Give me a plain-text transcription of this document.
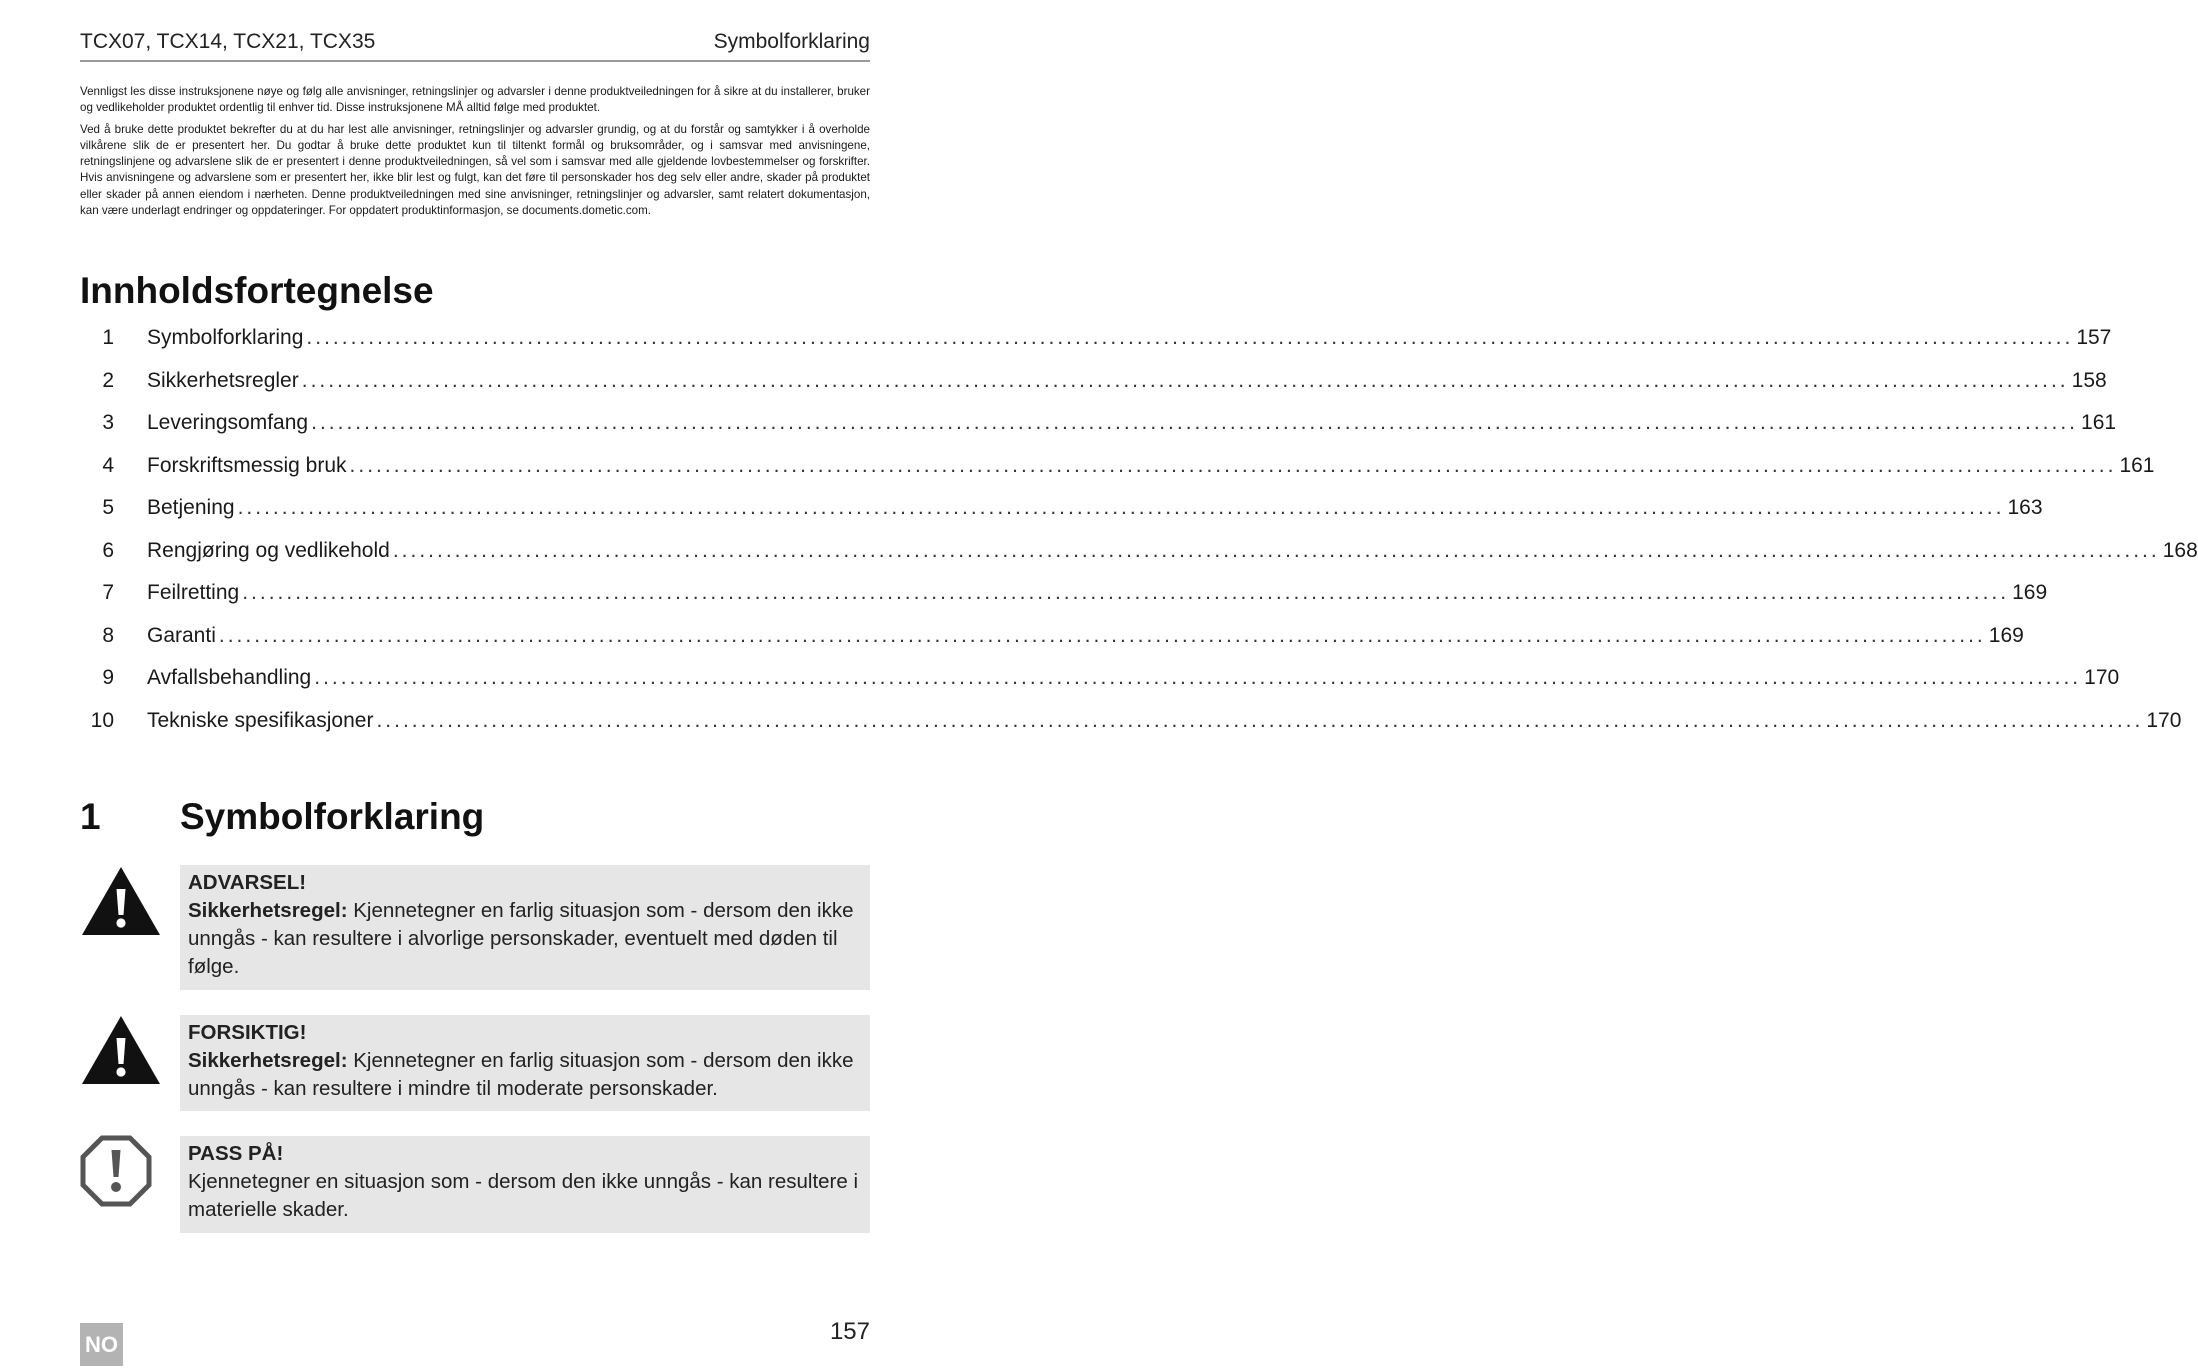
TCX07, TCX14, TCX21, TCX35	Symbolforklaring

Vennligst les disse instruksjonene nøye og følg alle anvisninger, retningslinjer og advarsler i denne produktveiledningen for å sikre at du installerer, bruker og vedlikeholder produktet ordentlig til enhver tid. Disse instruksjonene MÅ alltid følge med produktet.

Ved å bruke dette produktet bekrefter du at du har lest alle anvisninger, retningslinjer og advarsler grundig, og at du forstår og samtykker i å overholde vilkårene slik de er presentert her. Du godtar å bruke dette produktet kun til tiltenkt formål og bruksområder, og i samsvar med anvisningene, retningslinjene og advarslene slik de er presentert i denne produktveiledningen, så vel som i samsvar med alle gjeldende lovbestemmelser og forskrifter. Hvis anvisningene og advarslene som er presentert her, ikke blir lest og fulgt, kan det føre til personskader hos deg selv eller andre, skader på produktet eller skader på annen eiendom i nærheten. Denne produktveiledningen med sine anvisninger, retningslinjer og advarsler, samt relatert dokumentasjon, kan være underlagt endringer og oppdateringer. For oppdatert produktinformasjon, se documents.dometic.com.

Innholdsfortegnelse
1 Symbolforklaring ........................................................................................................................................................................................................ 157
2 Sikkerhetsregler ........................................................................................................................................................................................................ 158
3 Leveringsomfang ........................................................................................................................................................................................................ 161
4 Forskriftsmessig bruk ........................................................................................................................................................................................................ 161
5 Betjening ........................................................................................................................................................................................................ 163
6 Rengjøring og vedlikehold ........................................................................................................................................................................................................ 168
7 Feilretting ........................................................................................................................................................................................................ 169
8 Garanti ........................................................................................................................................................................................................ 169
9 Avfallsbehandling ........................................................................................................................................................................................................ 170
10 Tekniske spesifikasjoner ........................................................................................................................................................................................................ 170
1 Symbolforklaring
ADVARSEL!
Sikkerhetsregel: Kjennetegner en farlig situasjon som - dersom den ikke unngås - kan resultere i alvorlige personskader, eventuelt med døden til følge.
FORSIKTIG!
Sikkerhetsregel: Kjennetegner en farlig situasjon som - dersom den ikke unngås - kan resultere i mindre til moderate personskader.
PASS PÅ!
Kjennetegner en situasjon som - dersom den ikke unngås - kan resultere i materielle skader.
157
NO
